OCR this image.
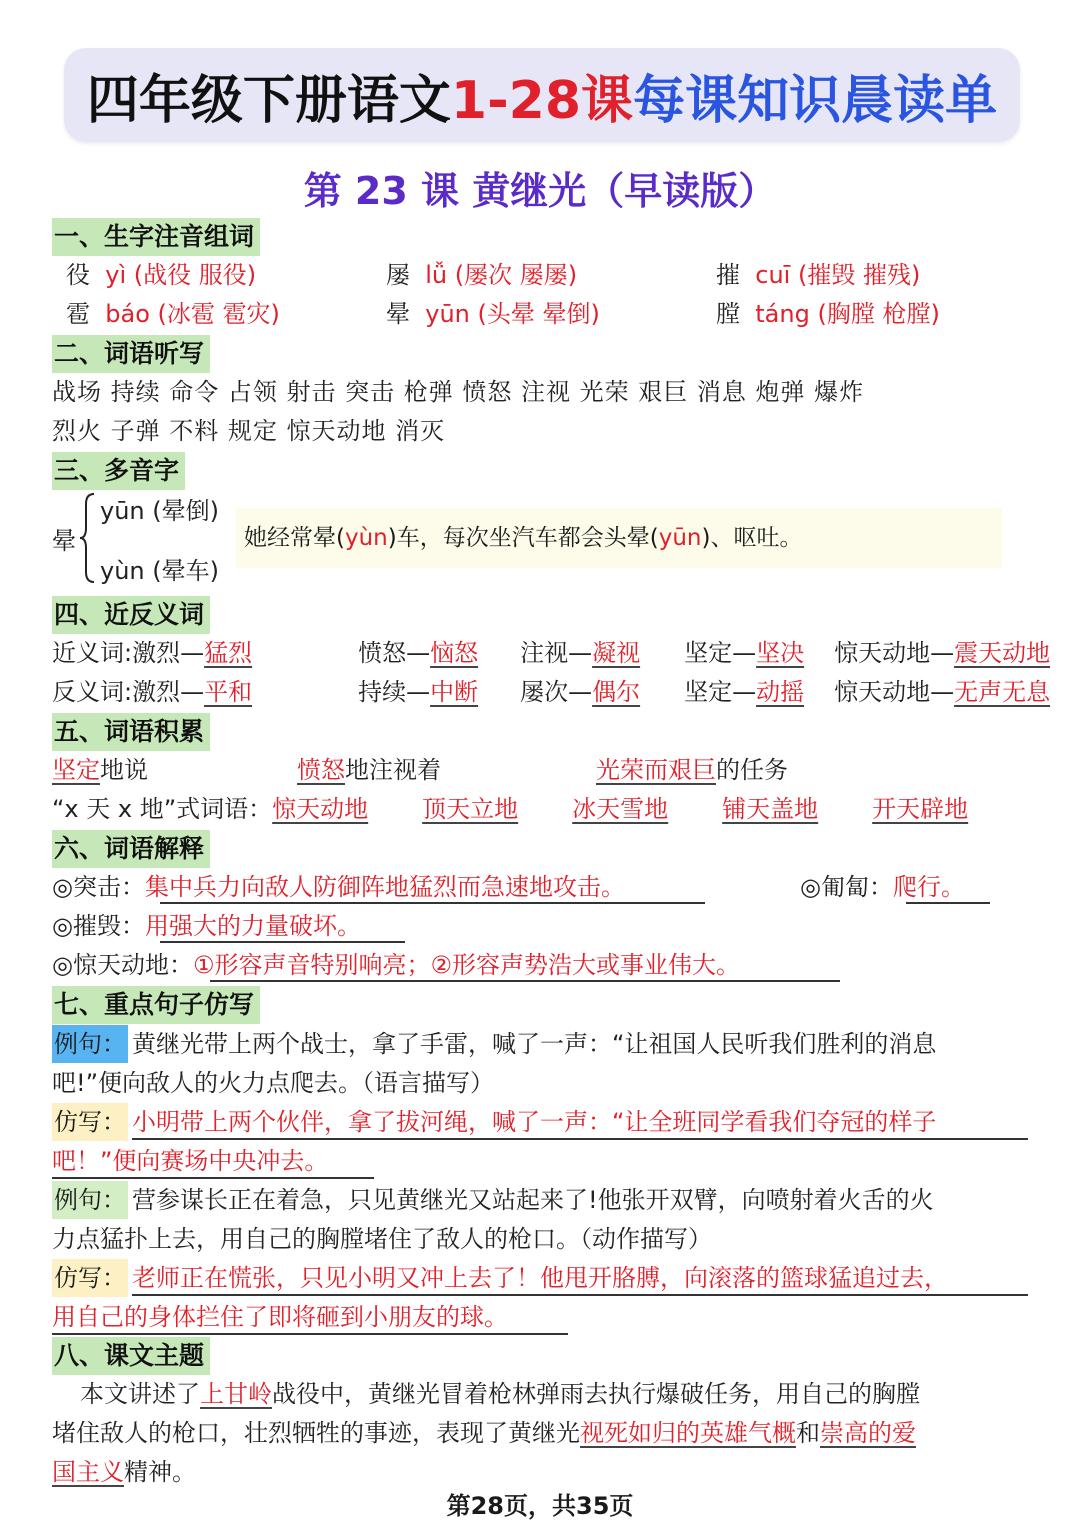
四年级下册语文 1-28课 每课知识晨读单
第 23 课 黄继光（早读版）
一、生字注音组词
役 yì (战役 服役)	屡 lǚ (屡次 屡屡)	摧 cuī (摧毁 摧残)
雹 báo (冰雹 雹灾)	晕 yūn (头晕 晕倒)	膛 táng (胸膛 枪膛)
二、词语听写
战场 持续 命令 占领 射击 突击 枪弹 愤怒 注视 光荣 艰巨 消息 炮弹 爆炸
烈火 子弹 不料 规定 惊天动地 消灭
三、多音字
晕
yūn (晕倒)
yùn (晕车)
她经常晕(yùn)车，每次坐汽车都会头晕(yūn)、呕吐。
四、近反义词
近义词:激烈—猛烈	愤怒—恼怒 注视—凝视 坚定—坚决 惊天动地—震天动地
反义词:激烈—平和	持续—中断 屡次—偶尔 坚定—动摇 惊天动地—无声无息
五、词语积累
坚定地说	愤怒地注视着	光荣而艰巨的任务
“x 天 x 地”式词语：惊天动地 顶天立地 冰天雪地 铺天盖地 开天辟地
六、词语解释
◎突击：集中兵力向敌人防御阵地猛烈而急速地攻击。	◎匍匐：爬行。
◎摧毁：用强大的力量破坏。
◎惊天动地：①形容声音特别响亮；②形容声势浩大或事业伟大。
七、重点句子仿写
例句： 黄继光带上两个战士，拿了手雷，喊了一声：“让祖国人民听我们胜利的消息
吧!”便向敌人的火力点爬去。（语言描写）
仿写： 小明带上两个伙伴，拿了拔河绳，喊了一声：“让全班同学看我们夺冠的样子
吧！”便向赛场中央冲去。
例句： 营参谋长正在着急，只见黄继光又站起来了!他张开双臂，向喷射着火舌的火
力点猛扑上去，用自己的胸膛堵住了敌人的枪口。（动作描写）
仿写： 老师正在慌张，只见小明又冲上去了！他甩开胳膊，向滚落的篮球猛追过去，
用自己的身体拦住了即将砸到小朋友的球。
八、课文主题
本文讲述了上甘岭战役中，黄继光冒着枪林弹雨去执行爆破任务，用自己的胸膛
堵住敌人的枪口，壮烈牺牲的事迹，表现了黄继光视死如归的英雄气概和崇高的爱
国主义精神。
第28页，共35页
